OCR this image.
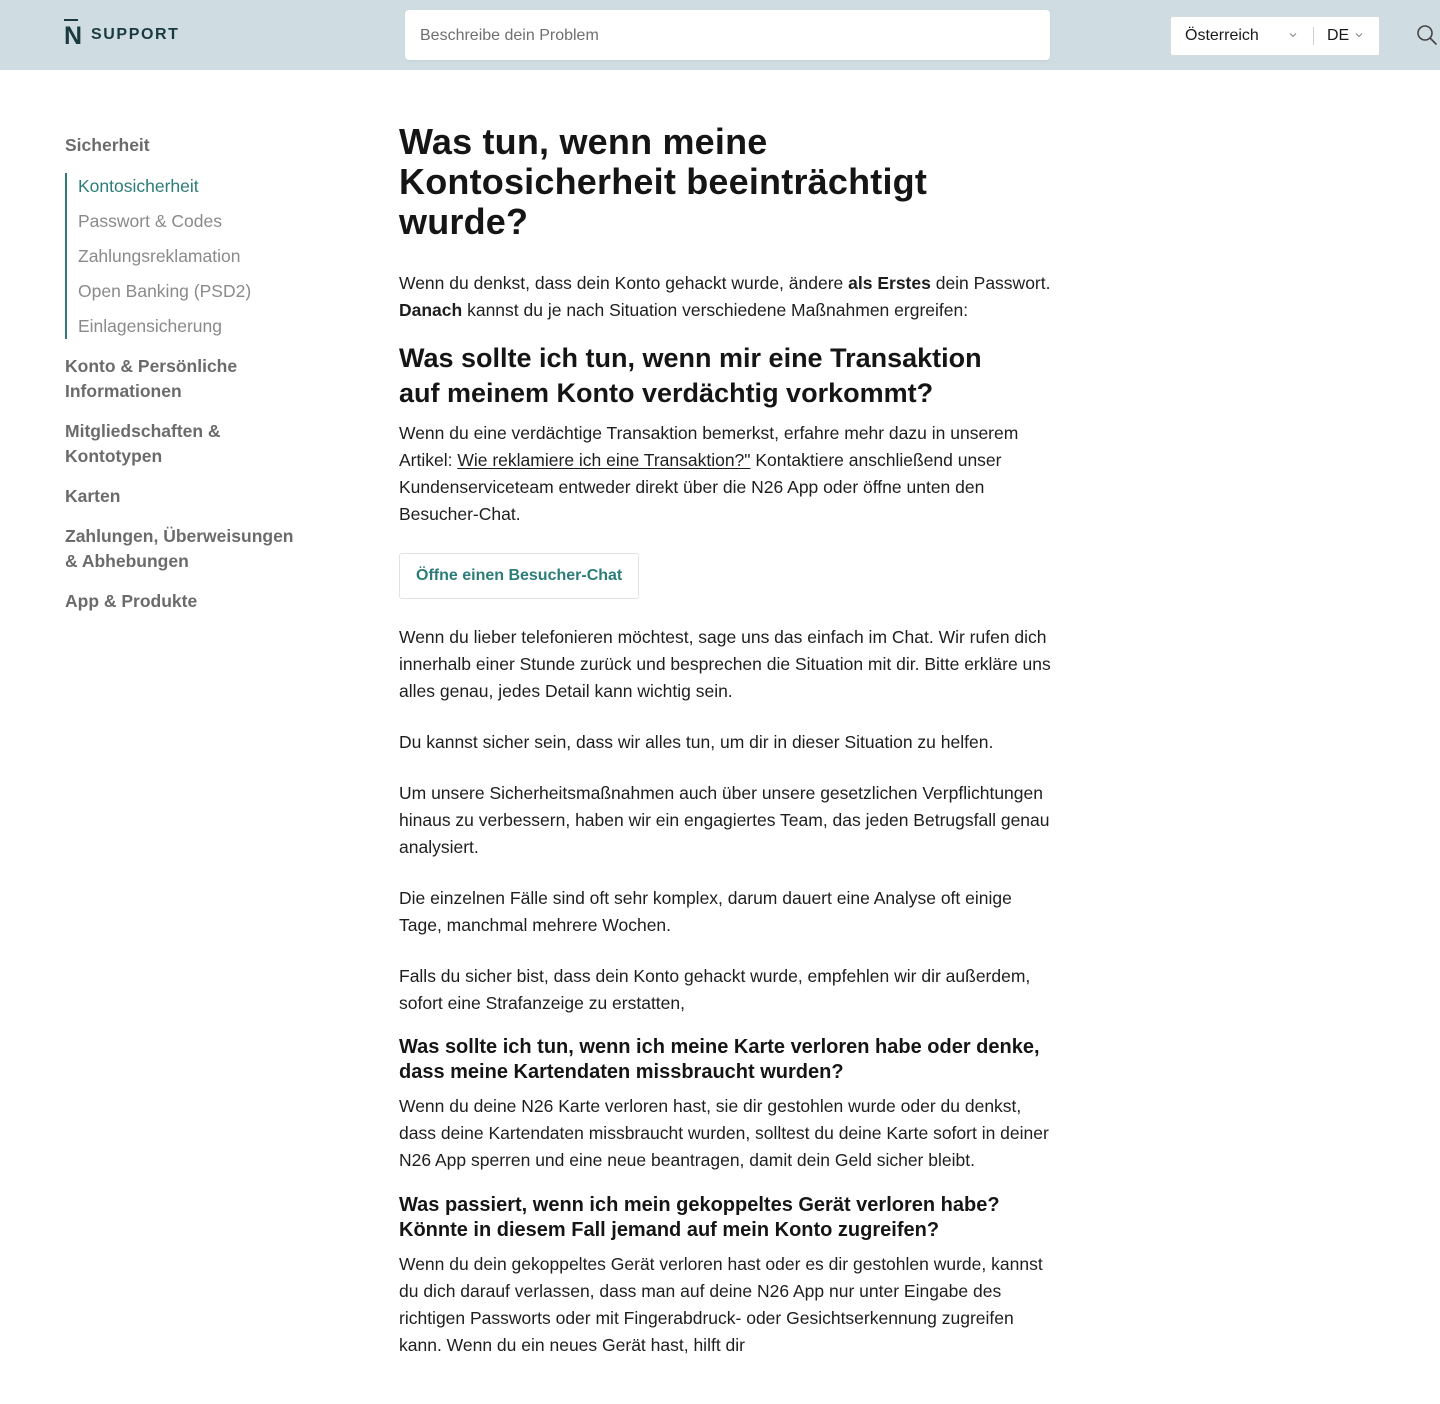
N SUPPORT
Beschreibe dein Problem	Österreich	DE
Sicherheit
Kontosicherheit
Passwort & Codes
Zahlungsreklamation
Open Banking (PSD2)
Einlagensicherung
Konto & Persönliche
Informationen
Mitgliedschaften &
Kontotypen
Karten
Zahlungen, Überweisungen
& Abhebungen
App & Produkte
Was tun, wenn meine
Kontosicherheit beeinträchtigt
wurde?

Wenn du denkst, dass dein Konto gehackt wurde, ändere als Erstes dein Passwort. Danach kannst du je nach Situation verschiedene Maßnahmen ergreifen:

Was sollte ich tun, wenn mir eine Transaktion
auf meinem Konto verdächtig vorkommt?

Wenn du eine verdächtige Transaktion bemerkst, erfahre mehr dazu in unserem Artikel: Wie reklamiere ich eine Transaktion?" Kontaktiere anschließend unser Kundenserviceteam entweder direkt über die N26 App oder öffne unten den Besucher-Chat.

Öffne einen Besucher-Chat

Wenn du lieber telefonieren möchtest, sage uns das einfach im Chat. Wir rufen dich innerhalb einer Stunde zurück und besprechen die Situation mit dir. Bitte erkläre uns alles genau, jedes Detail kann wichtig sein.

Du kannst sicher sein, dass wir alles tun, um dir in dieser Situation zu helfen.

Um unsere Sicherheitsmaßnahmen auch über unsere gesetzlichen Verpflichtungen hinaus zu verbessern, haben wir ein engagiertes Team, das jeden Betrugsfall genau analysiert.

Die einzelnen Fälle sind oft sehr komplex, darum dauert eine Analyse oft einige Tage, manchmal mehrere Wochen.

Falls du sicher bist, dass dein Konto gehackt wurde, empfehlen wir dir außerdem, sofort eine Strafanzeige zu erstatten,

Was sollte ich tun, wenn ich meine Karte verloren habe oder denke,
dass meine Kartendaten missbraucht wurden?

Wenn du deine N26 Karte verloren hast, sie dir gestohlen wurde oder du denkst, dass deine Kartendaten missbraucht wurden, solltest du deine Karte sofort in deiner N26 App sperren und eine neue beantragen, damit dein Geld sicher bleibt.

Was passiert, wenn ich mein gekoppeltes Gerät verloren habe?
Könnte in diesem Fall jemand auf mein Konto zugreifen?

Wenn du dein gekoppeltes Gerät verloren hast oder es dir gestohlen wurde, kannst du dich darauf verlassen, dass man auf deine N26 App nur unter Eingabe des richtigen Passworts oder mit Fingerabdruck- oder Gesichtserkennung zugreifen kann. Wenn du ein neues Gerät hast, hilft dir
